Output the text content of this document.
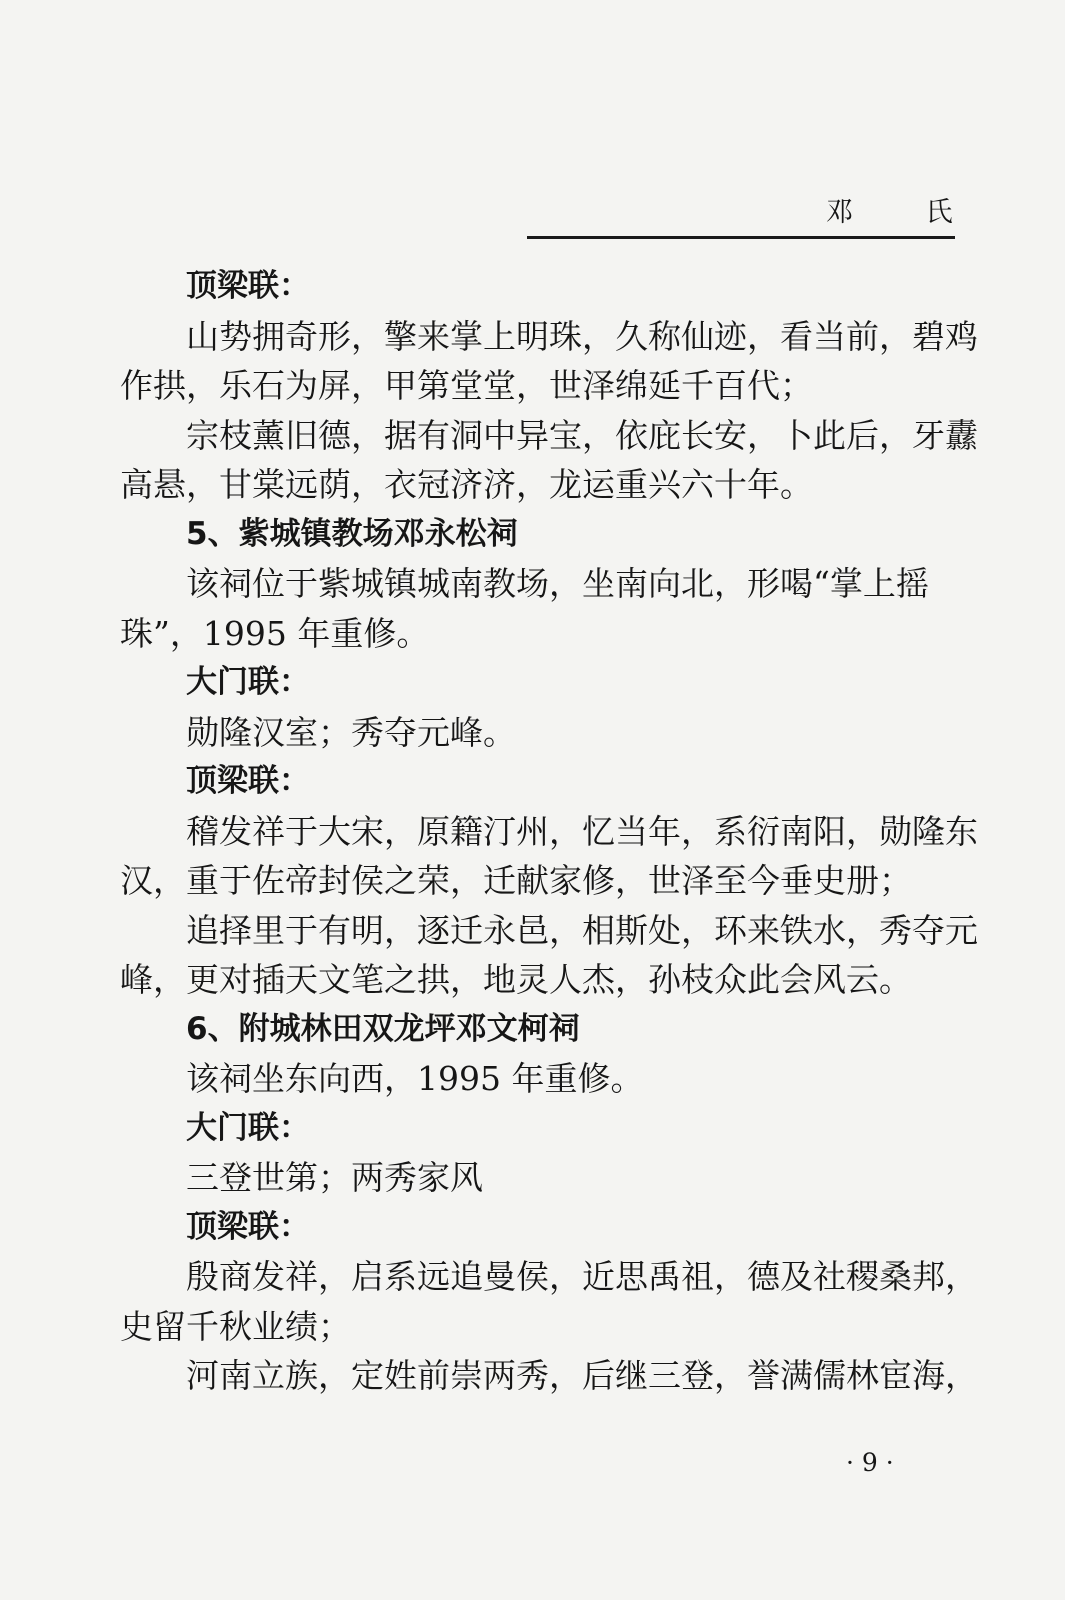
邓 氏
顶梁联：
山势拥奇形，擎来掌上明珠，久称仙迹，看当前，碧鸡
作拱，乐石为屏，甲第堂堂，世泽绵延千百代；
宗枝薰旧德，据有洞中异宝，依庇长安，卜此后，牙纛
高悬，甘棠远荫，衣冠济济，龙运重兴六十年。
5、紫城镇教场邓永松祠
该祠位于紫城镇城南教场，坐南向北，形喝“掌上摇
珠”，1995 年重修。
大门联：
勋隆汉室；秀夺元峰。
顶梁联：
稽发祥于大宋，原籍汀州，忆当年，系衍南阳，勋隆东
汉，重于佐帝封侯之荣，迁献家修，世泽至今垂史册；
追择里于有明，逐迁永邑，相斯处，环来铁水，秀夺元
峰，更对插天文笔之拱，地灵人杰，孙枝众此会风云。
6、附城林田双龙坪邓文柯祠
该祠坐东向西，1995 年重修。
大门联：
三登世第；两秀家风
顶梁联：
殷商发祥，启系远追曼侯，近思禹祖，德及社稷桑邦，
史留千秋业绩；
河南立族，定姓前崇两秀，后继三登，誉满儒林宦海，
· 9 ·
